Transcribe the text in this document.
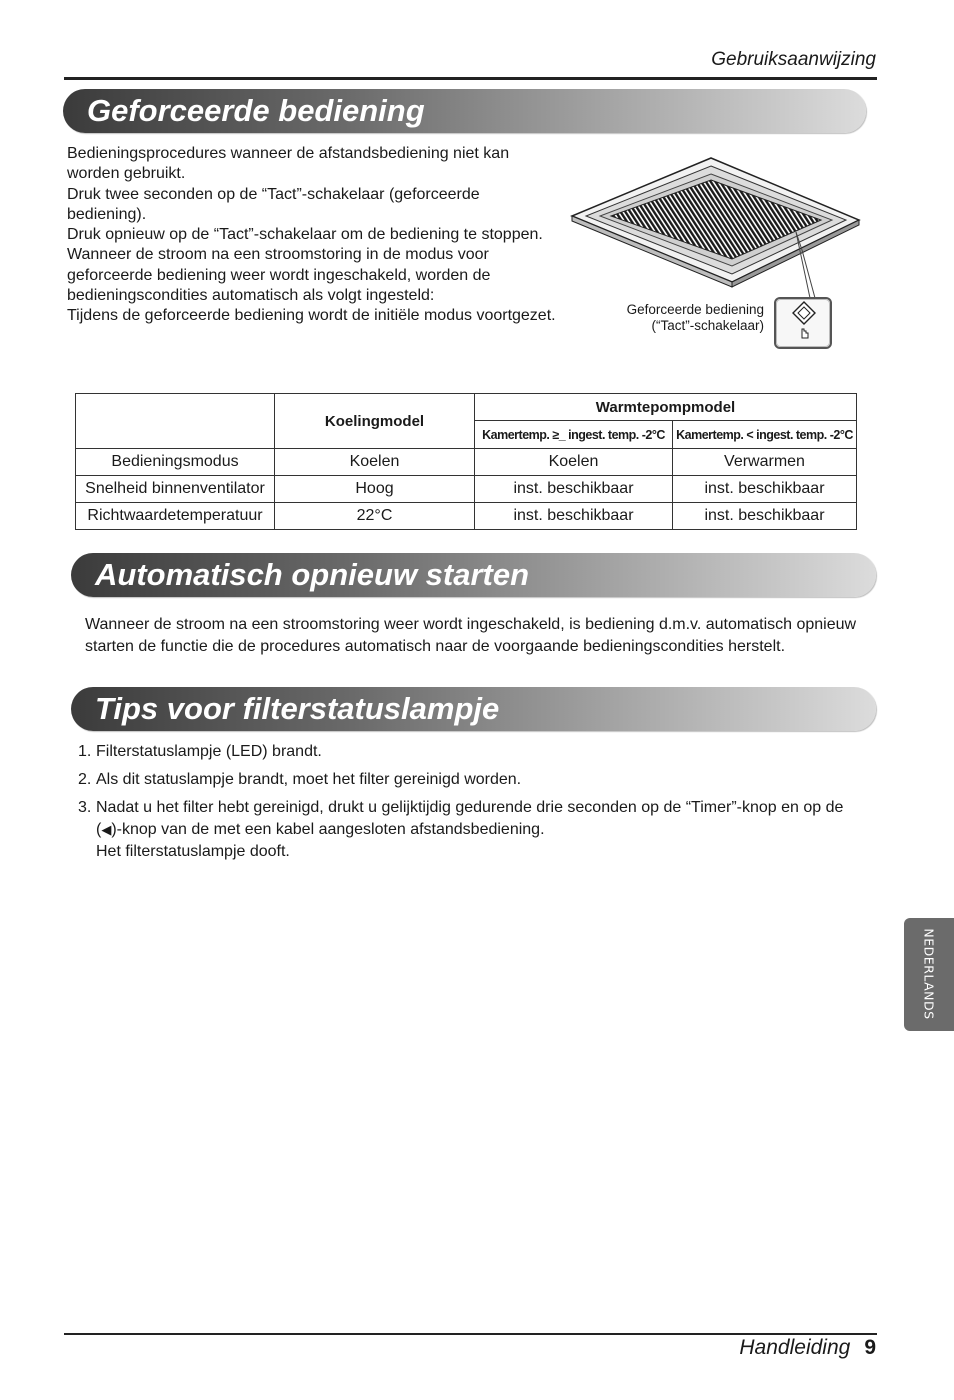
Gebruiksaanwijzing
Geforceerde bediening

Bedieningsprocedures wanneer de afstandsbediening niet kan worden gebruikt.

Druk twee seconden op de “Tact”-schakelaar (geforceerde bediening).

Druk opnieuw op de “Tact”-schakelaar om de bediening te stoppen.

Wanneer de stroom na een stroomstoring in de modus voor geforceerde bediening weer wordt ingeschakeld, worden de bedieningscondities automatisch als volgt ingesteld:

Tijdens de geforceerde bediening wordt de initiële modus voortgezet.	Geforceerde bediening
(“Tact”-schakelaar)
	Koelingmodel	Warmtepompmodel	
		Kamertemp. ≥_ ingest. temp. -2°C	Kamertemp. < ingest. temp. -2°C
Bedieningsmodus	Koelen	Koelen	Verwarmen
Snelheid binnenventilator	Hoog	inst. beschikbaar	inst. beschikbaar
Richtwaardetemperatuur	22°C	inst. beschikbaar	inst. beschikbaar
Automatisch opnieuw starten
Wanneer de stroom na een stroomstoring weer wordt ingeschakeld, is bediening d.m.v. automatisch opnieuw starten de functie die de procedures automatisch naar de voorgaande bedieningscondities herstelt.
Tips voor filterstatuslampje
1. Filterstatuslampje (LED) brandt.
2. Als dit statuslampje brandt, moet het filter gereinigd worden.
3. Nadat u het filter hebt gereinigd, drukt u gelijktijdig gedurende drie seconden op de “Timer”-knop en op de
(◀)-knop van de met een kabel aangesloten afstandsbediening.
Het filterstatuslampje dooft.
NEDERLANDS
Handleiding 9
